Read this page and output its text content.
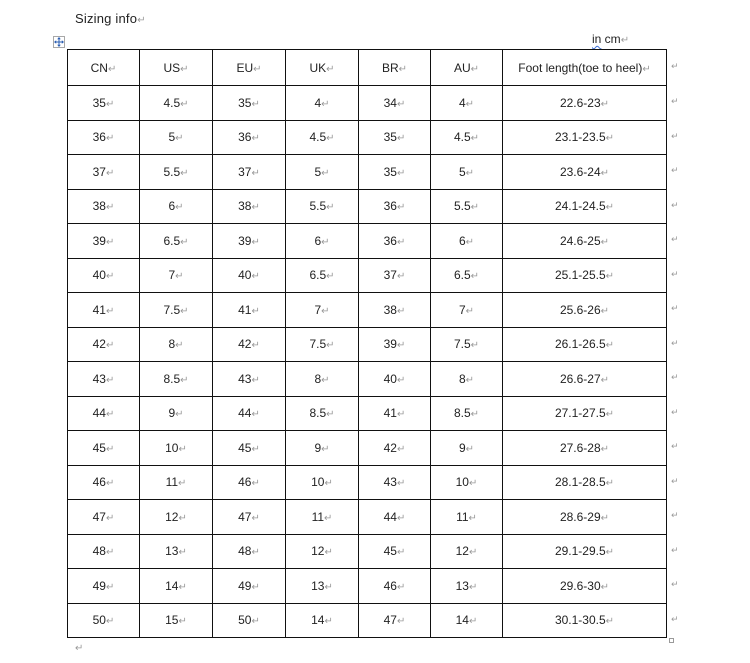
Sizing info↵
in cm↵
CN↵	US↵	EU↵	UK↵	BR↵	AU↵	Foot length(toe to heel)↵
35↵	4.5↵	35↵	4↵	34↵	4↵	22.6-23↵
36↵	5↵	36↵	4.5↵	35↵	4.5↵	23.1-23.5↵
37↵	5.5↵	37↵	5↵	35↵	5↵	23.6-24↵
38↵	6↵	38↵	5.5↵	36↵	5.5↵	24.1-24.5↵
39↵	6.5↵	39↵	6↵	36↵	6↵	24.6-25↵
40↵	7↵	40↵	6.5↵	37↵	6.5↵	25.1-25.5↵
41↵	7.5↵	41↵	7↵	38↵	7↵	25.6-26↵
42↵	8↵	42↵	7.5↵	39↵	7.5↵	26.1-26.5↵
43↵	8.5↵	43↵	8↵	40↵	8↵	26.6-27↵
44↵	9↵	44↵	8.5↵	41↵	8.5↵	27.1-27.5↵
45↵	10↵	45↵	9↵	42↵	9↵	27.6-28↵
46↵	11↵	46↵	10↵	43↵	10↵	28.1-28.5↵
47↵	12↵	47↵	11↵	44↵	11↵	28.6-29↵
48↵	13↵	48↵	12↵	45↵	12↵	29.1-29.5↵
49↵	14↵	49↵	13↵	46↵	13↵	29.6-30↵
50↵	15↵	50↵	14↵	47↵	14↵	30.1-30.5↵
↵
↵
↵
↵
↵
↵
↵
↵
↵
↵
↵
↵
↵
↵
↵
↵
↵
↵
